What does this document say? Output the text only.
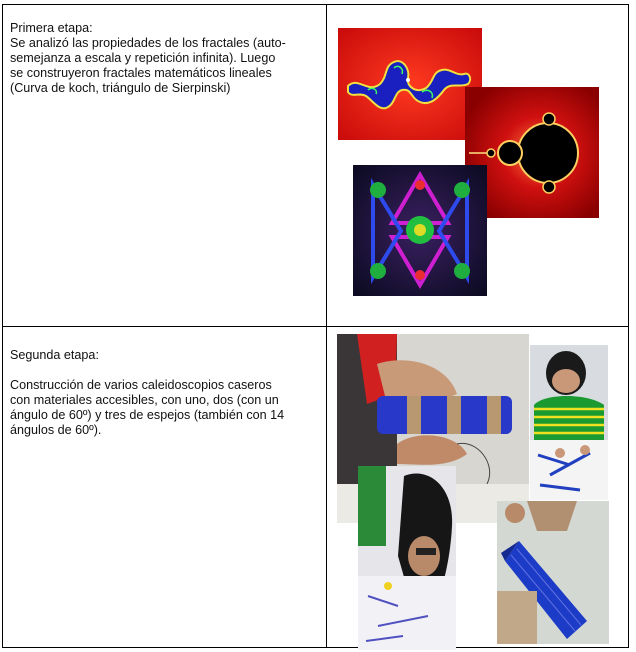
Primera etapa:
Se analizó las propiedades de los fractales (auto-
semejanza a escala y repetición infinita). Luego
se construyeron fractales matemáticos lineales
(Curva de koch, triángulo de Sierpinski)

Segunda etapa:

Construcción de varios caleidoscopios caseros

con materiales accesibles, con uno, dos (con un

ángulo de 60º) y tres de espejos (también con 14

ángulos de 60º).
